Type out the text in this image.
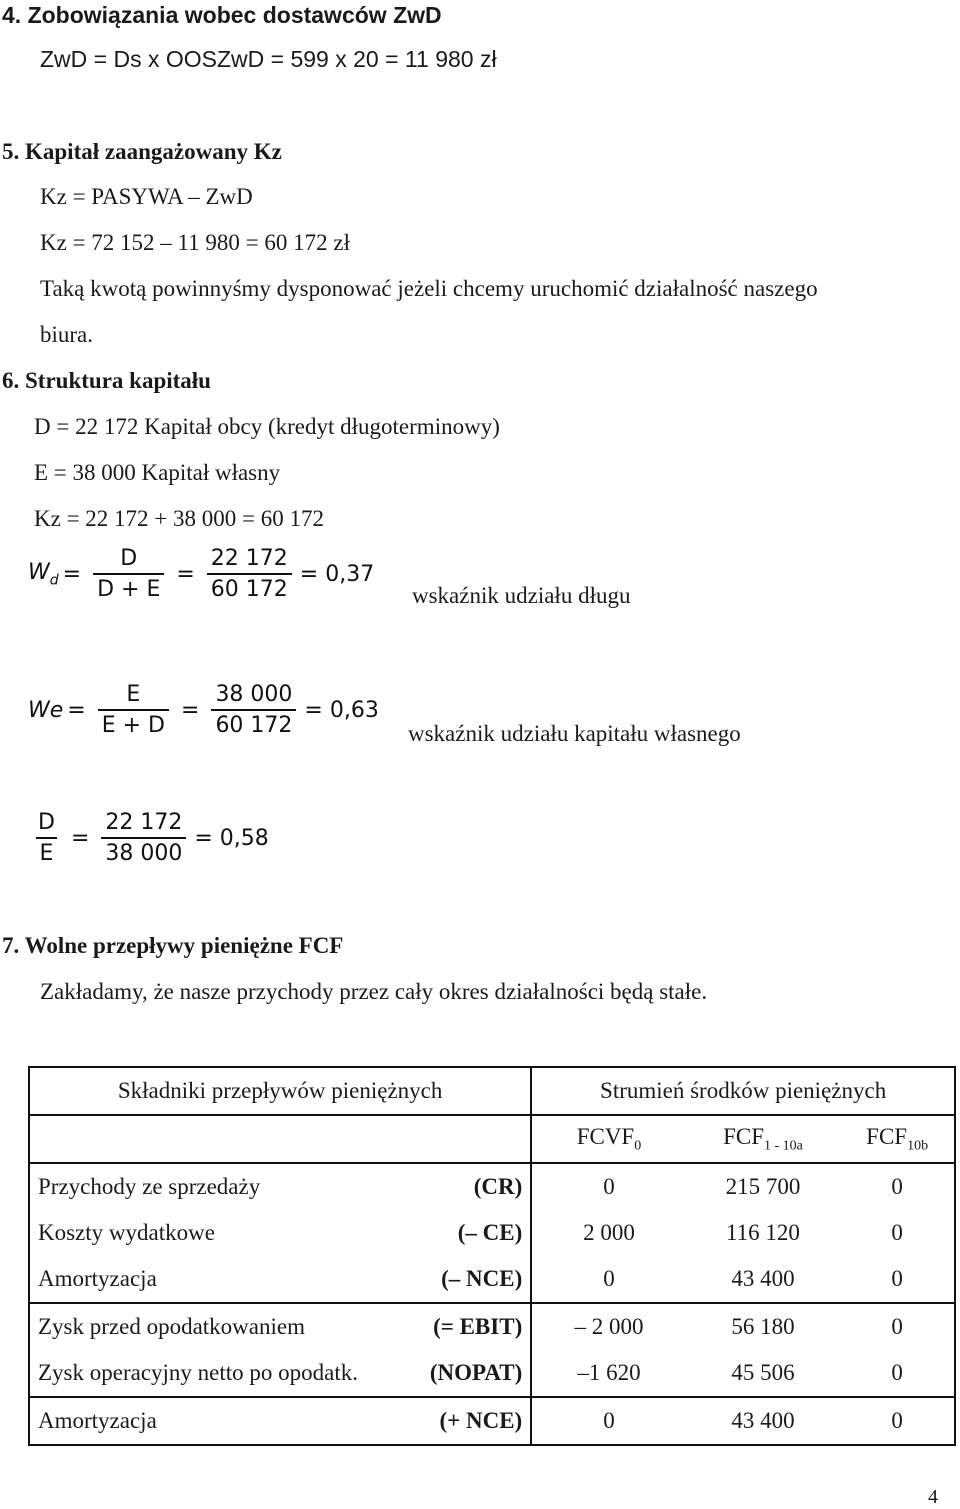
4. Zobowiązania wobec dostawców ZwD
ZwD = Ds x OOSZwD = 599 x 20 = 11 980 zł
5. Kapitał zaangażowany Kz
Kz = PASYWA – ZwD
Kz = 72 152 – 11 980 = 60 172 zł
Taką kwotą powinnyśmy dysponować jeżeli chcemy uruchomić działalność naszego
biura.
6. Struktura kapitału
D = 22 172 Kapitał obcy (kredyt długoterminowy)
E = 38 000 Kapitał własny
Kz = 22 172 + 38 000 = 60 172
$W_d = \frac{D}{D + E} = \frac{22 172}{60 172} = 0,37$
wskaźnik udziału długu
$We = \frac{E}{E + D} = \frac{38 000}{60 172} = 0,63$
wskaźnik udziału kapitału własnego
$\frac{D}{E} = \frac{22 172}{38 000} = 0,58$
7. Wolne przepływy pieniężne FCF
Zakładamy, że nasze przychody przez cały okres działalności będą stałe.
Składniki przepływów pieniężnych	Strumień środków pieniężnych		
	$FCVF_0$	$FCF_{1 - 10a}$	$FCF_{10b}$

Przychody ze sprzedaży (CR)	0	215 700	0

Koszty wydatkowe (– CE)	2 000	116 120	0

Amortyzacja (– NCE)	0	43 400	0

Zysk przed opodatkowaniem (= EBIT)	– 2 000	56 180	0

Zysk operacyjny netto po opodatk. (NOPAT)	–1 620	45 506	0

Amortyzacja (+ NCE)	0	43 400	0
4
